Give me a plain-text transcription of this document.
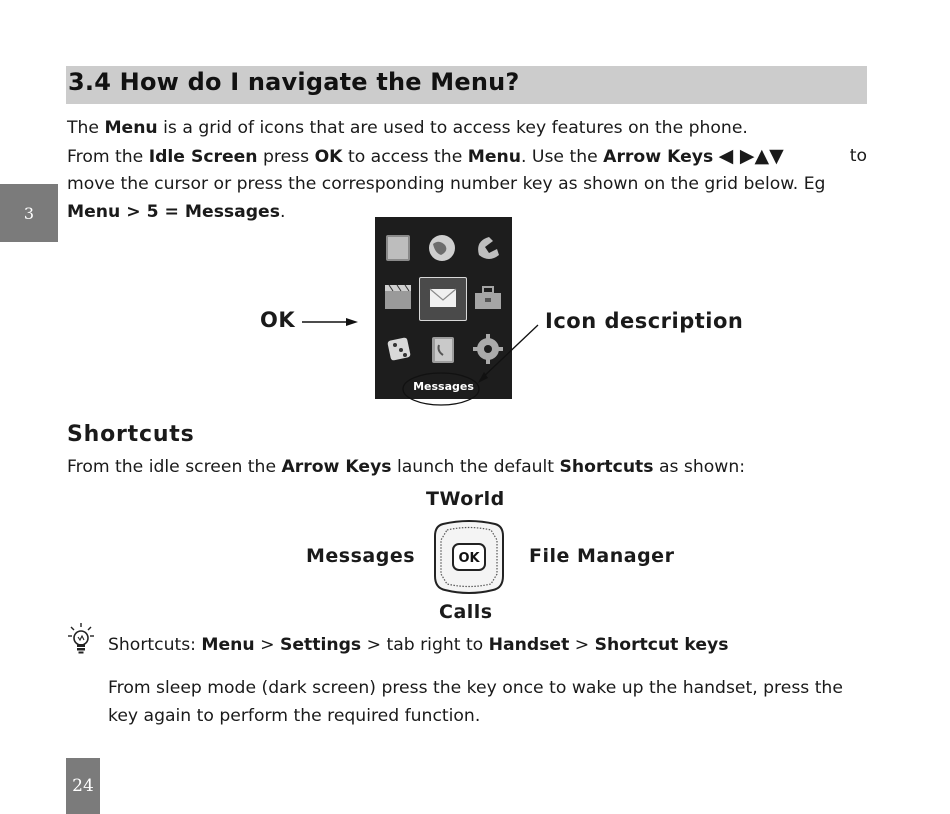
3
24
3.4 How do I navigate the Menu?
The Menu is a grid of icons that are used to access key features on the phone.
From the Idle Screen press OK to access the Menu. Use the Arrow Keys ◀ ▶▲▼	to
move the cursor or press the corresponding number key as shown on the grid below. Eg
Menu > 5 = Messages.
OK
Messages
Icon description
Shortcuts
From the idle screen the Arrow Keys launch the default Shortcuts as shown:
TWorld
Messages	File Manager
Calls
OK
Shortcuts: Menu > Settings > tab right to Handset > Shortcut keys
From sleep mode (dark screen) press the key once to wake up the handset, press the
key again to perform the required function.
